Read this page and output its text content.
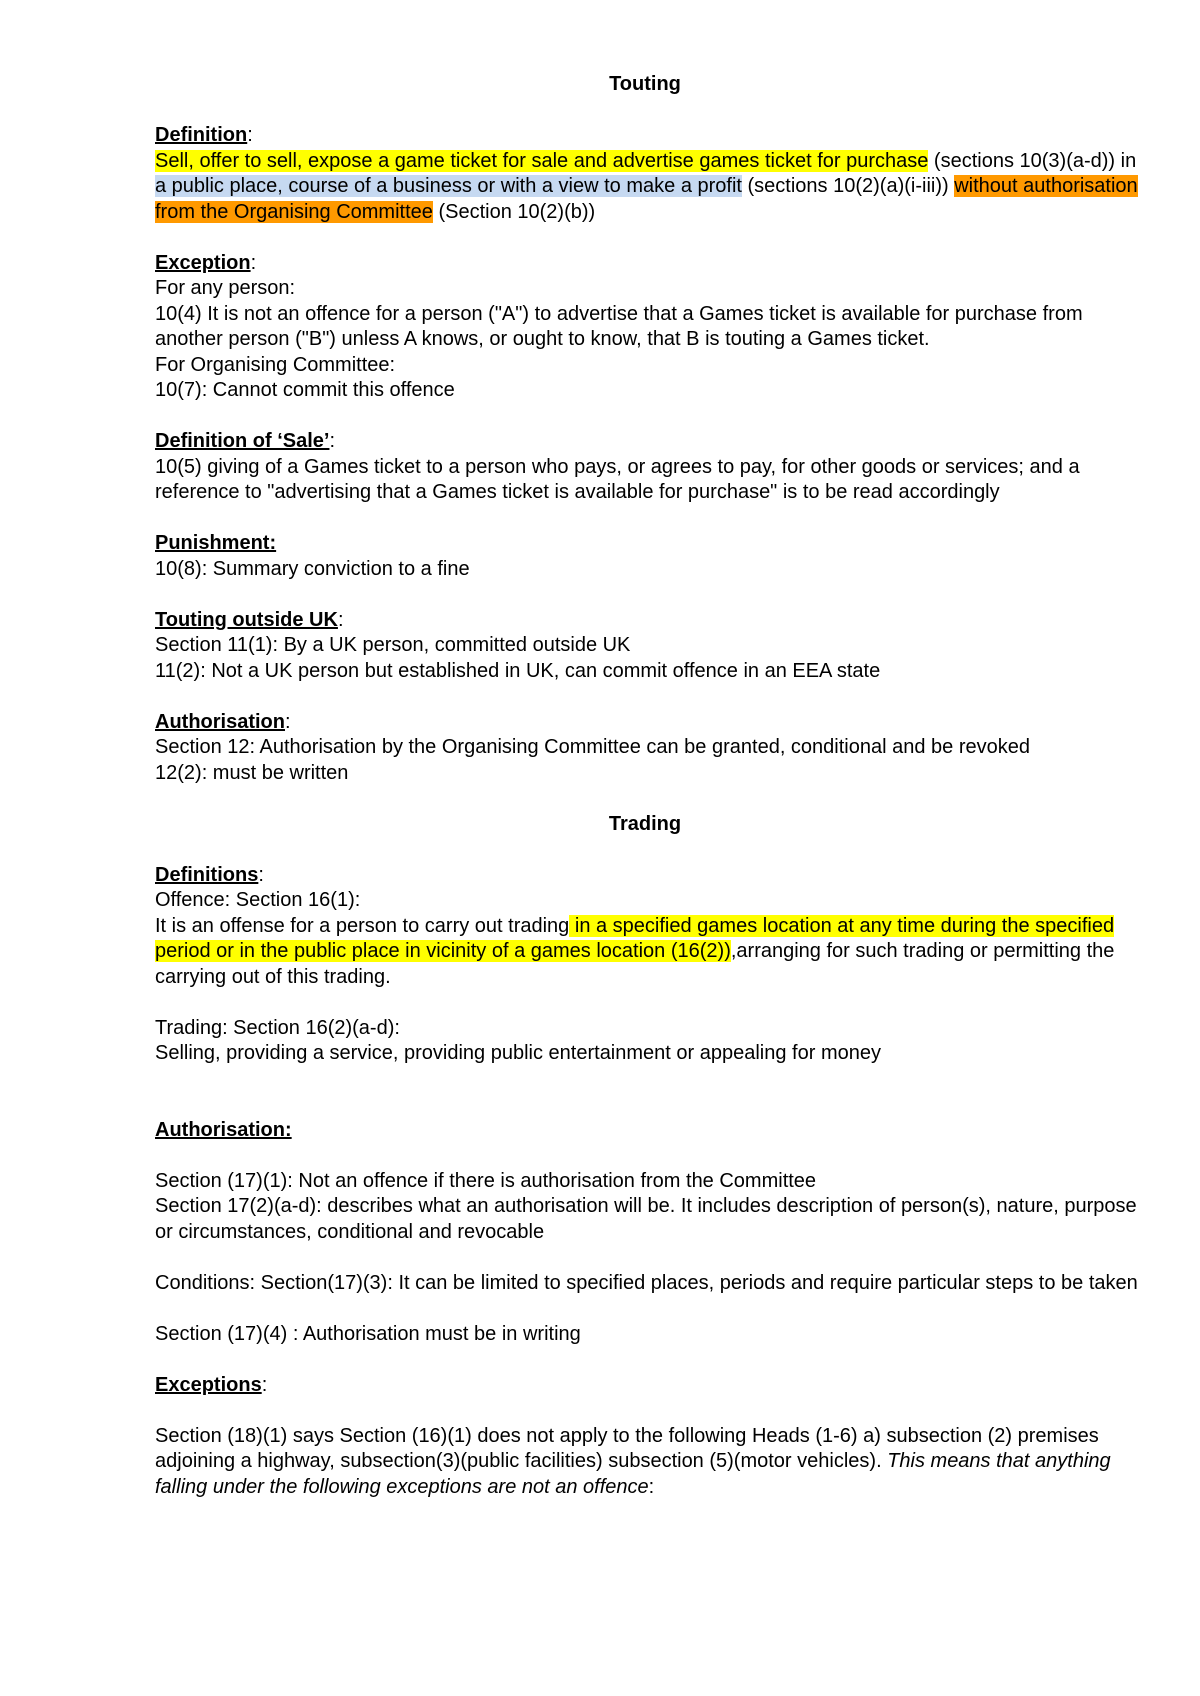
Touting

Definition:

Sell, offer to sell, expose a game ticket for sale and advertise games ticket for purchase (sections 10(3)(a-d)) in a public place, course of a business or with a view to make a profit (sections 10(2)(a)(i-iii)) without authorisation from the Organising Committee (Section 10(2)(b))

Exception:

For any person:

10(4) It is not an offence for a person ("A") to advertise that a Games ticket is available for purchase from another person ("B") unless A knows, or ought to know, that B is touting a Games ticket.

For Organising Committee:

10(7): Cannot commit this offence

Definition of ‘Sale’:

10(5) giving of a Games ticket to a person who pays, or agrees to pay, for other goods or services; and a reference to "advertising that a Games ticket is available for purchase" is to be read accordingly

Punishment:

10(8): Summary conviction to a fine

Touting outside UK:

Section 11(1): By a UK person, committed outside UK

11(2): Not a UK person but established in UK, can commit offence in an EEA state

Authorisation:

Section 12: Authorisation by the Organising Committee can be granted, conditional and be revoked

12(2): must be written

Trading

Definitions:

Offence: Section 16(1):

It is an offense for a person to carry out trading in a specified games location at any time during the specified period or in the public place in vicinity of a games location (16(2)),arranging for such trading or permitting the carrying out of this trading.

Trading: Section 16(2)(a-d):

Selling, providing a service, providing public entertainment or appealing for money

Authorisation:

Section (17)(1): Not an offence if there is authorisation from the Committee

Section 17(2)(a-d): describes what an authorisation will be. It includes description of person(s), nature, purpose or circumstances, conditional and revocable

Conditions: Section(17)(3): It can be limited to specified places, periods and require particular steps to be taken

Section (17)(4) : Authorisation must be in writing

Exceptions:

Section (18)(1) says Section (16)(1) does not apply to the following Heads (1-6) a) subsection (2) premises adjoining a highway, subsection(3)(public facilities) subsection (5)(motor vehicles). This means that anything falling under the following exceptions are not an offence:
